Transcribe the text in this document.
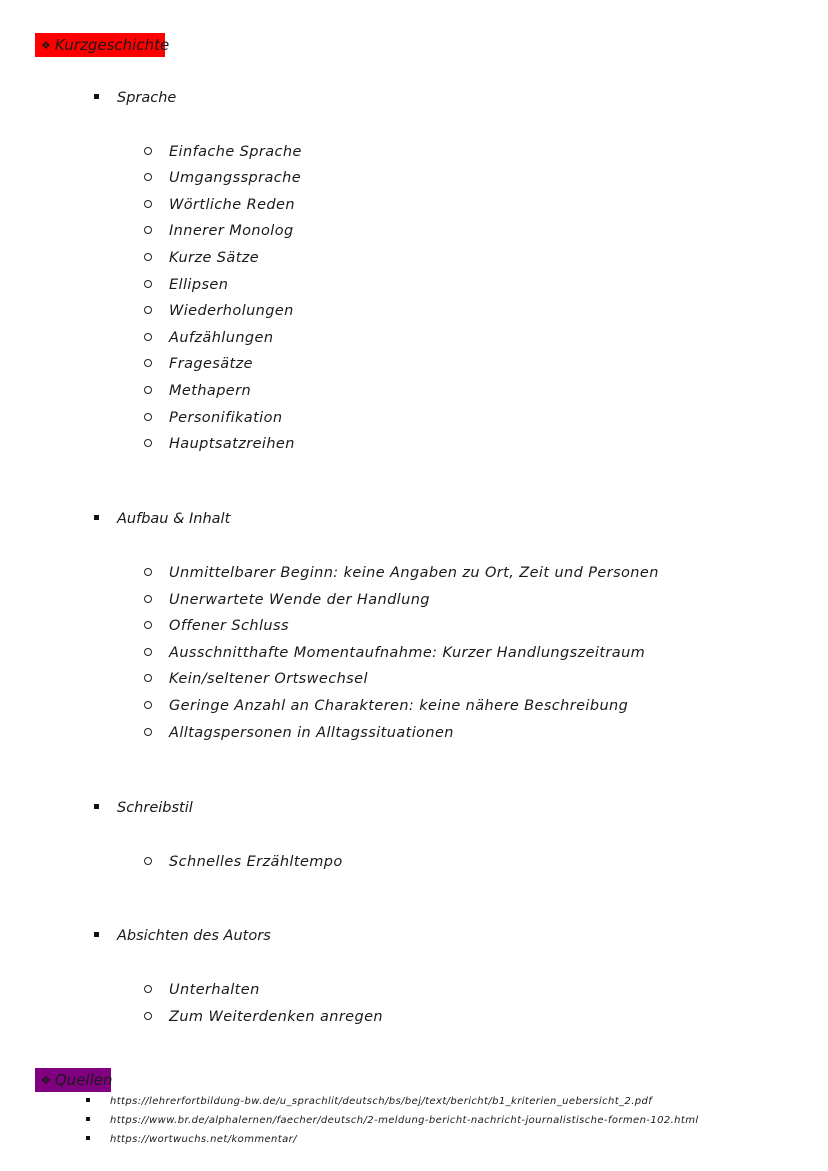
❖ Kurzgeschichte
Sprache
Einfache Sprache
Umgangssprache
Wörtliche Reden
Innerer Monolog
Kurze Sätze
Ellipsen
Wiederholungen
Aufzählungen
Fragesätze
Methapern
Personifikation
Hauptsatzreihen
Aufbau & Inhalt
Unmittelbarer Beginn: keine Angaben zu Ort, Zeit und Personen
Unerwartete Wende der Handlung
Offener Schluss
Ausschnitthafte Momentaufnahme: Kurzer Handlungszeitraum
Kein/seltener Ortswechsel
Geringe Anzahl an Charakteren: keine nähere Beschreibung
Alltagspersonen in Alltagssituationen
Schreibstil
Schnelles Erzähltempo
Absichten des Autors
Unterhalten
Zum Weiterdenken anregen
❖ Quellen
https://lehrerfortbildung-bw.de/u_sprachlit/deutsch/bs/bej/text/bericht/b1_kriterien_uebersicht_2.pdf
https://www.br.de/alphalernen/faecher/deutsch/2-meldung-bericht-nachricht-journalistische-formen-102.html
https://wortwuchs.net/kommentar/
